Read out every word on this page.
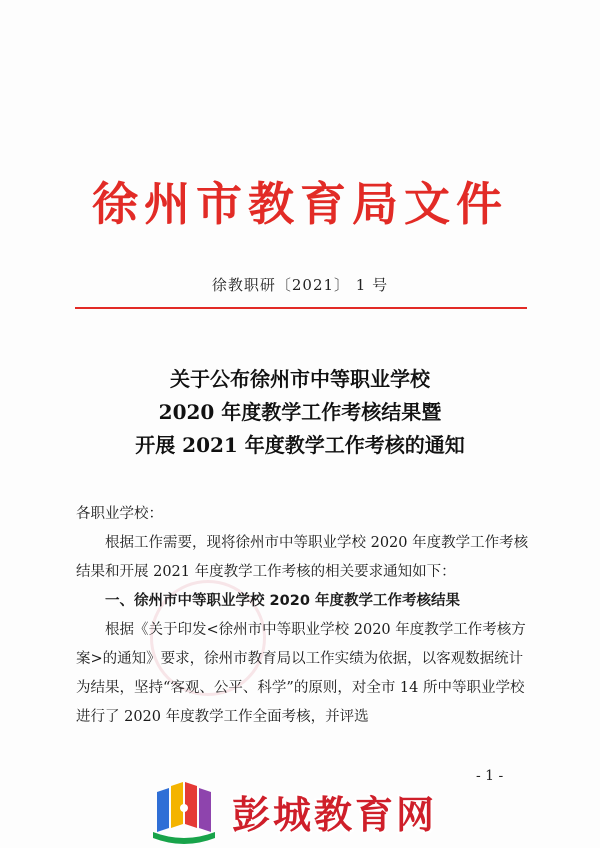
徐州市教育局文件
徐教职研〔2021〕 1 号
关于公布徐州市中等职业学校
2020 年度教学工作考核结果暨
开展 2021 年度教学工作考核的通知

各职业学校：

根据工作需要，现将徐州市中等职业学校 2020 年度教学工作考核结果和开展 2021 年度教学工作考核的相关要求通知如下：

一、徐州市中等职业学校 2020 年度教学工作考核结果

根据《关于印发<徐州市中等职业学校 2020 年度教学工作考核方案>的通知》要求，徐州市教育局以工作实绩为依据，以客观数据统计为结果，坚持“客观、公平、科学”的原则，对全市 14 所中等职业学校进行了 2020 年度教学工作全面考核，并评选

- 1 -
彭城教育网
